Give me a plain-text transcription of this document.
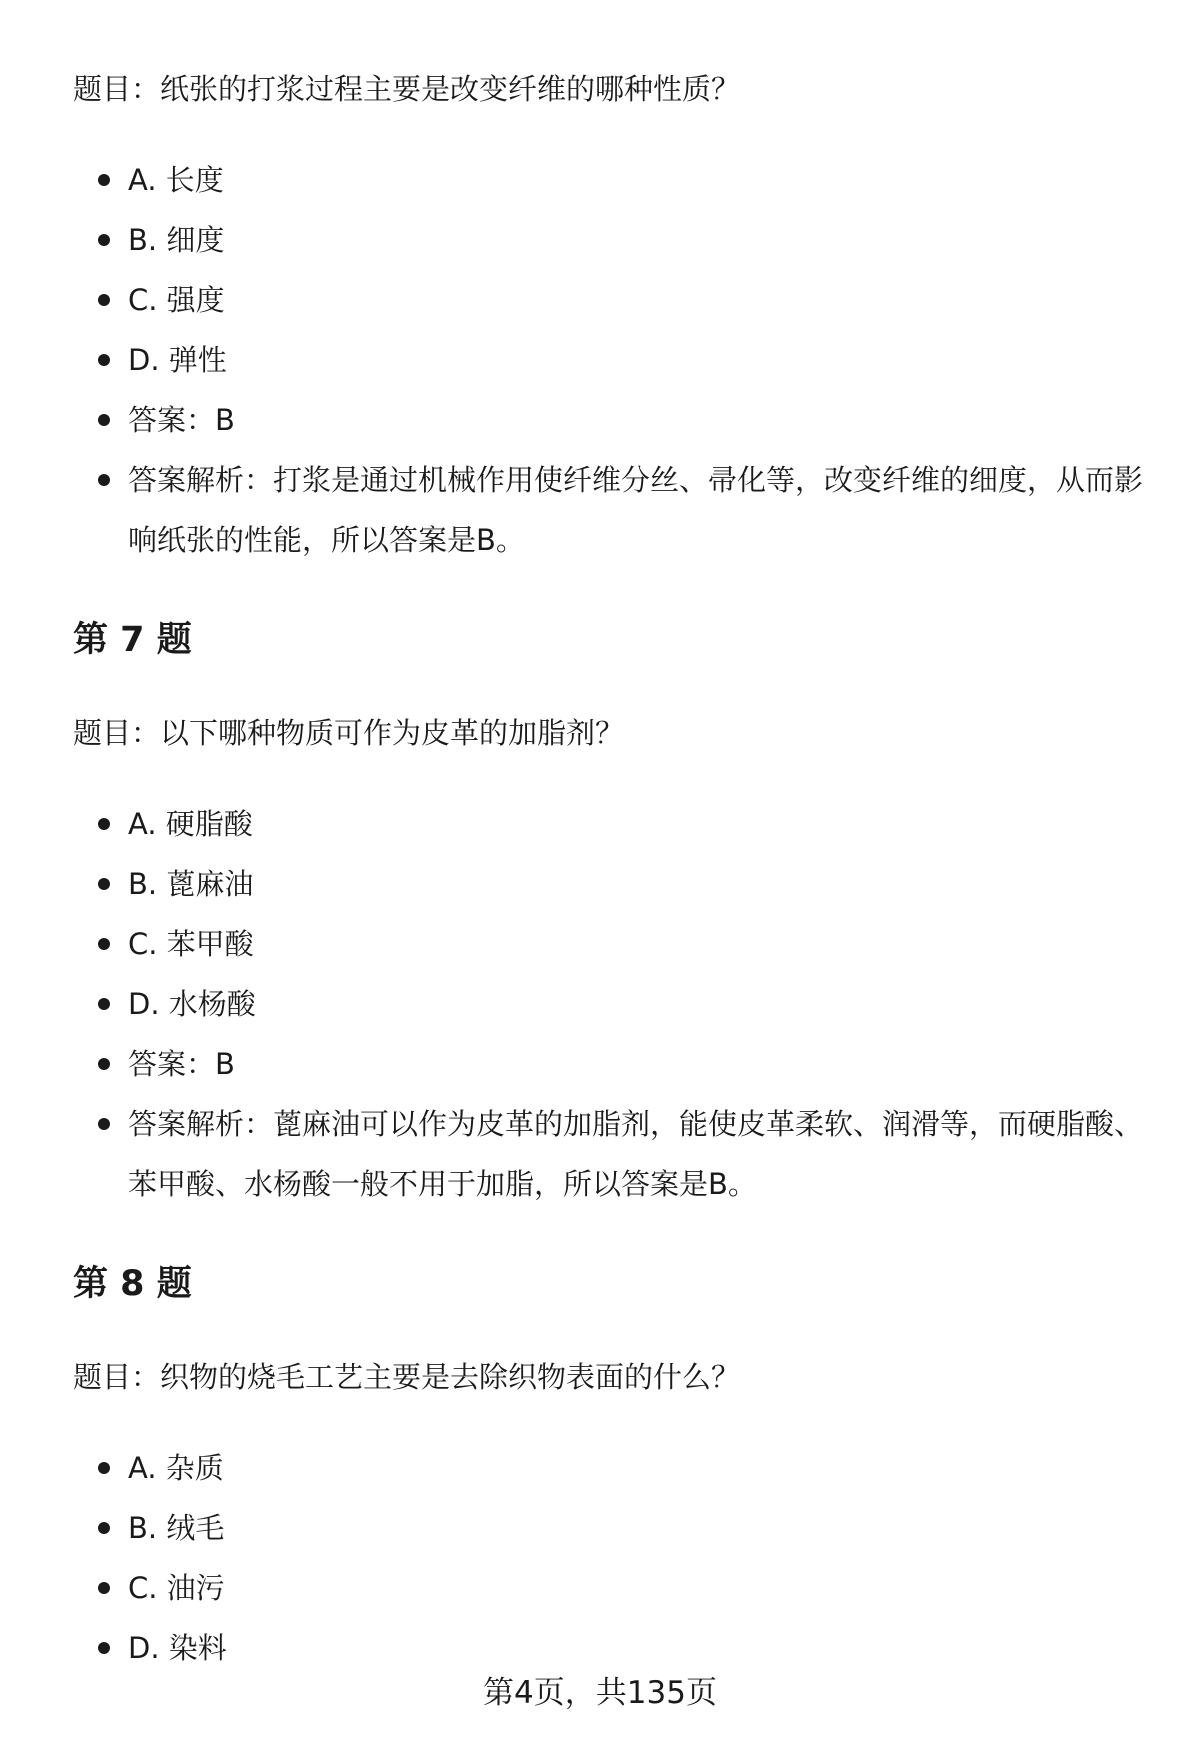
题目：纸张的打浆过程主要是改变纤维的哪种性质？

A. 长度
B. 细度
C. 强度
D. 弹性
答案：B
答案解析：打浆是通过机械作用使纤维分丝、帚化等，改变纤维的细度，从而影响纸张的性能，所以答案是B。
第 7 题

题目：以下哪种物质可作为皮革的加脂剂？

A. 硬脂酸
B. 蓖麻油
C. 苯甲酸
D. 水杨酸
答案：B
答案解析：蓖麻油可以作为皮革的加脂剂，能使皮革柔软、润滑等，而硬脂酸、苯甲酸、水杨酸一般不用于加脂，所以答案是B。
第 8 题

题目：织物的烧毛工艺主要是去除织物表面的什么？

A. 杂质
B. 绒毛
C. 油污
D. 染料
第4页，共135页
